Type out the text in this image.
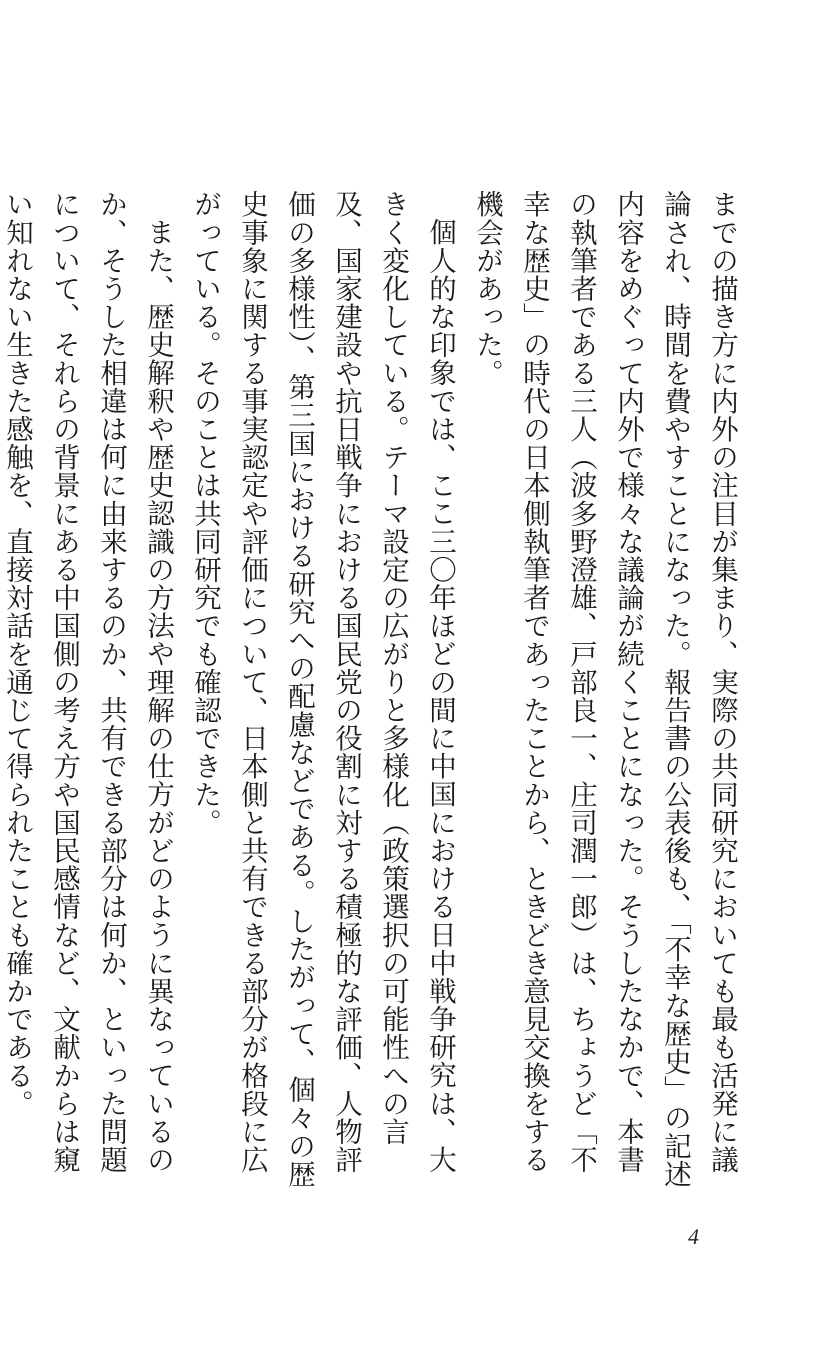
までの描き方に内外の注目が集まり、実際の共同研究においても最も活発に議論され、時間を費やすことになった。報告書の公表後も、「不幸な歴史」の記述内容をめぐって内外で様々な議論が続くことになった。そうしたなかで、本書の執筆者である三人（波多野澄雄、戸部良一、庄司潤一郎）は、ちょうど「不幸な歴史」の時代の日本側執筆者であったことから、ときどき意見交換をする機会があった。

個人的な印象では、ここ三〇年ほどの間に中国における日中戦争研究は、大きく変化している。テーマ設定の広がりと多様化（政策選択の可能性への言及、国家建設や抗日戦争における国民党の役割に対する積極的な評価、人物評価の多様性）、第三国における研究への配慮などである。したがって、個々の歴史事象に関する事実認定や評価について、日本側と共有できる部分が格段に広がっている。そのことは共同研究でも確認できた。

また、歴史解釈や歴史認識の方法や理解の仕方がどのように異なっているのか、そうした相違は何に由来するのか、共有できる部分は何か、といった問題について、それらの背景にある中国側の考え方や国民感情など、文献からは窺い知れない生きた感触を、直接対話を通じて得られたことも確かである。

4
